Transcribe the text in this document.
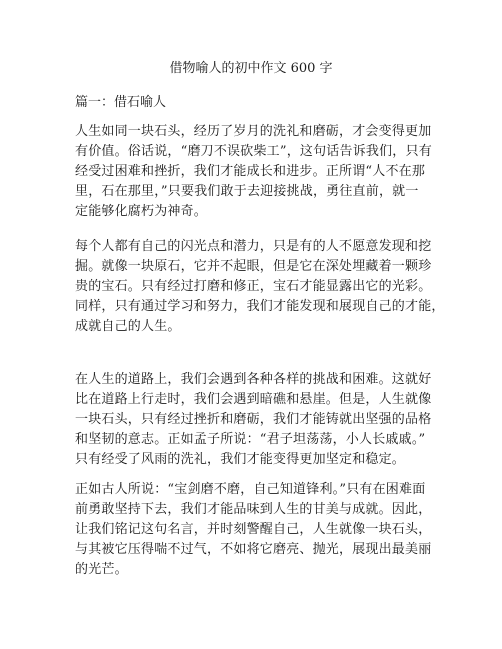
借物喻人的初中作文 600 字
篇一：借石喻人

人生如同一块石头，经历了岁月的洗礼和磨砺，才会变得更加
有价值。俗话说，“磨刀不误砍柴工”，这句话告诉我们，只有
经受过困难和挫折，我们才能成长和进步。正所谓“人不在那
里，石在那里，”只要我们敢于去迎接挑战，勇往直前，就一
定能够化腐朽为神奇。

每个人都有自己的闪光点和潜力，只是有的人不愿意发现和挖
掘。就像一块原石，它并不起眼，但是它在深处埋藏着一颗珍
贵的宝石。只有经过打磨和修正，宝石才能显露出它的光彩。
同样，只有通过学习和努力，我们才能发现和展现自己的才能，
成就自己的人生。

在人生的道路上，我们会遇到各种各样的挑战和困难。这就好
比在道路上行走时，我们会遇到暗礁和悬崖。但是，人生就像
一块石头，只有经过挫折和磨砺，我们才能铸就出坚强的品格
和坚韧的意志。正如孟子所说：“君子坦荡荡，小人长戚戚。”
只有经受了风雨的洗礼，我们才能变得更加坚定和稳定。

正如古人所说：“宝剑磨不磨，自己知道锋利。”只有在困难面
前勇敢坚持下去，我们才能品味到人生的甘美与成就。因此，
让我们铭记这句名言，并时刻警醒自己，人生就像一块石头，
与其被它压得喘不过气，不如将它磨亮、抛光，展现出最美丽
的光芒。
